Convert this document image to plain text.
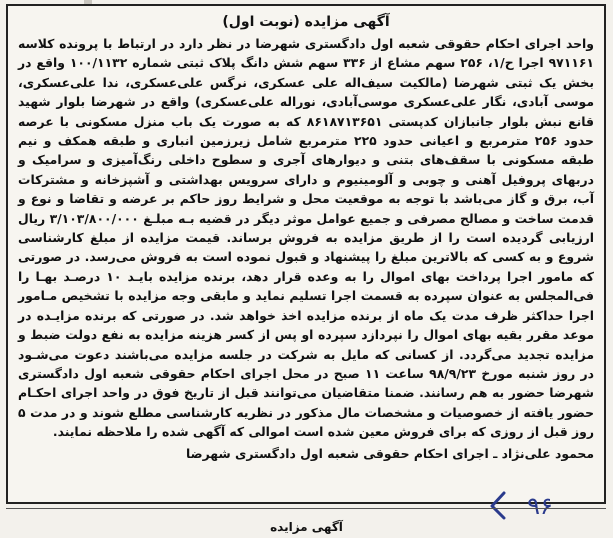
آگهی مزایده (نوبت اول)
واحد اجرای احکام حقوقی شعبه اول دادگستری شهرضا در نظر دارد در ارتباط با پرونده کلاسه ۹۷۱۱۶۱ اجرا ح/۱، ۲۵۶ سهم مشاع از ۳۳۶ سهم شش دانگ پلاک ثبتی شماره ۱۰۰/۱۱۳۲ واقع در بخش یک ثبتی شهرضا (مالکیت سیف‌اله علی عسکری، نرگس علی‌عسکری، ندا علی‌عسکری، موسی آبادی، نگار علی‌عسکری موسی‌آبادی، نوراله علی‌عسکری) واقع در شهرضا بلوار شهید قانع نبش بلوار جانبازان کدپستی ۸۶۱۸۷۱۳۶۵۱ که به صورت یک باب منزل مسکونی با عرصه حدود ۲۵۶ مترمربع و اعیانی حدود ۲۲۵ مترمربع شامل زیرزمین انباری و طبقه همکف و نیم طبقه مسکونی با سقف‌های بتنی و دیوارهای آجری و سطوح داخلی رنگ‌آمیزی و سرامیک و دربهای پروفیل آهنی و چوبی و آلومینیوم و دارای سرویس بهداشتی و آشپزخانه و مشترکات آب، برق و گاز می‌باشد با توجه به موقعیت محل و شرایط روز حاکم بر عرضه و تقاضا و نوع و قدمت ساخت و مصالح مصرفی و جمیع عوامل موثر دیگر در قضیه بـه مبلـغ ۳/۱۰۳/۸۰۰/۰۰۰ ریال ارزیابی گردیده است را از طریق مزایده به فروش برساند. قیمت مزایده از مبلغ کارشناسی شروع و به کسی که بالاترین مبلغ را پیشنهاد و قبول نموده است به فروش می‌رسد. در صورتی که مامور اجرا پرداخت بهای اموال را به وعده قرار دهد، برنده مزایده بایـد ۱۰ درصـد بهـا را فی‌المجلس به عنوان سپرده به قسمت اجرا تسلیم نماید و مابقی وجه مزایده با تشخیص مـامور اجرا حداکثر ظرف مدت یک ماه از برنده مزایده اخذ خواهد شد. در صورتی که برنده مزایـده در موعد مقرر بقیه بهای اموال را نپردازد سپرده او پس از کسر هزینه مزایده به نفع دولت ضبط و مزایده تجدید می‌گردد. از کسانی که مایل به شرکت در جلسه مزایده می‌باشند دعوت می‌شـود در روز شنبه مورخ ۹۸/۹/۲۳ ساعت ۱۱ صبح در محل اجرای احکام حقوقی شعبه اول دادگستری شهرضا حضور به هم رسانند. ضمنا متقاضیان می‌توانند قبل از تاریخ فوق در واحد اجرای احکـام حضور یافته از خصوصیات و مشخصات مال مذکور در نظریه کارشناسی مطلع شوند و در مدت ۵ روز قبل از روزی که برای فروش معین شده است اموالی که آگهی شده را ملاحظه نمایند.
محمود علی‌نژاد ـ اجرای احکام حقوقی شعبه اول دادگستری شهرضا
۹۶
آگهی مزایده
